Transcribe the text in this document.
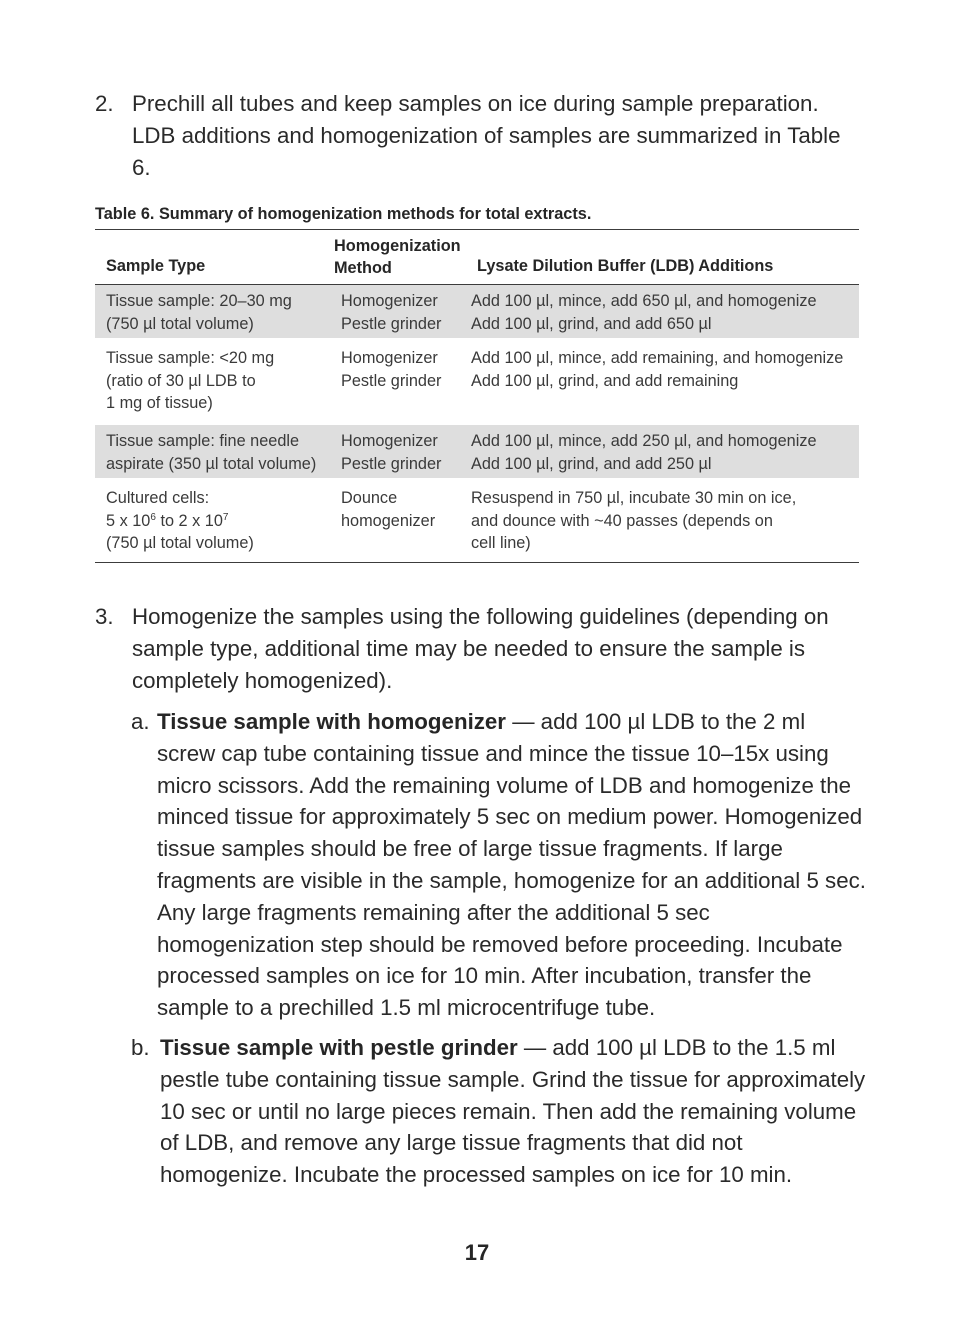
2. Prechill all tubes and keep samples on ice during sample preparation. LDB additions and homogenization of samples are summarized in Table 6.
Table 6. Summary of homogenization methods for total extracts.
Sample Type
Homogenization Method	Lysate Dilution Buffer (LDB) Additions
Tissue sample: 20–30 mg
(750 µl total volume)
Homogenizer
Pestle grinder
Add 100 µl, mince, add 650 µl, and homogenize
Add 100 µl, grind, and add 650 µl
Tissue sample: <20 mg
(ratio of 30 µl LDB to
1 mg of tissue)
Homogenizer
Pestle grinder
Add 100 µl, mince, add remaining, and homogenize
Add 100 µl, grind, and add remaining
Tissue sample: fine needle
aspirate (350 µl total volume)
Homogenizer
Pestle grinder
Add 100 µl, mince, add 250 µl, and homogenize
Add 100 µl, grind, and add 250 µl
Cultured cells:
5 x $10^6$ to 2 x $10^7$
(750 µl total volume)
Dounce
homogenizer
Resuspend in 750 µl, incubate 30 min on ice,
and dounce with ~40 passes (depends on
cell line)
3. Homogenize the samples using the following guidelines (depending on sample type, additional time may be needed to ensure the sample is completely homogenized).
a. Tissue sample with homogenizer — add 100 µl LDB to the 2 ml screw cap tube containing tissue and mince the tissue 10–15x using micro scissors. Add the remaining volume of LDB and homogenize the minced tissue for approximately 5 sec on medium power. Homogenized tissue samples should be free of large tissue fragments. If large fragments are visible in the sample, homogenize for an additional 5 sec. Any large fragments remaining after the additional 5 sec homogenization step should be removed before proceeding. Incubate processed samples on ice for 10 min. After incubation, transfer the sample to a prechilled 1.5 ml microcentrifuge tube.
b. Tissue sample with pestle grinder — add 100 µl LDB to the 1.5 ml pestle tube containing tissue sample. Grind the tissue for approximately 10 sec or until no large pieces remain. Then add the remaining volume of LDB, and remove any large tissue fragments that did not homogenize. Incubate the processed samples on ice for 10 min.
17
